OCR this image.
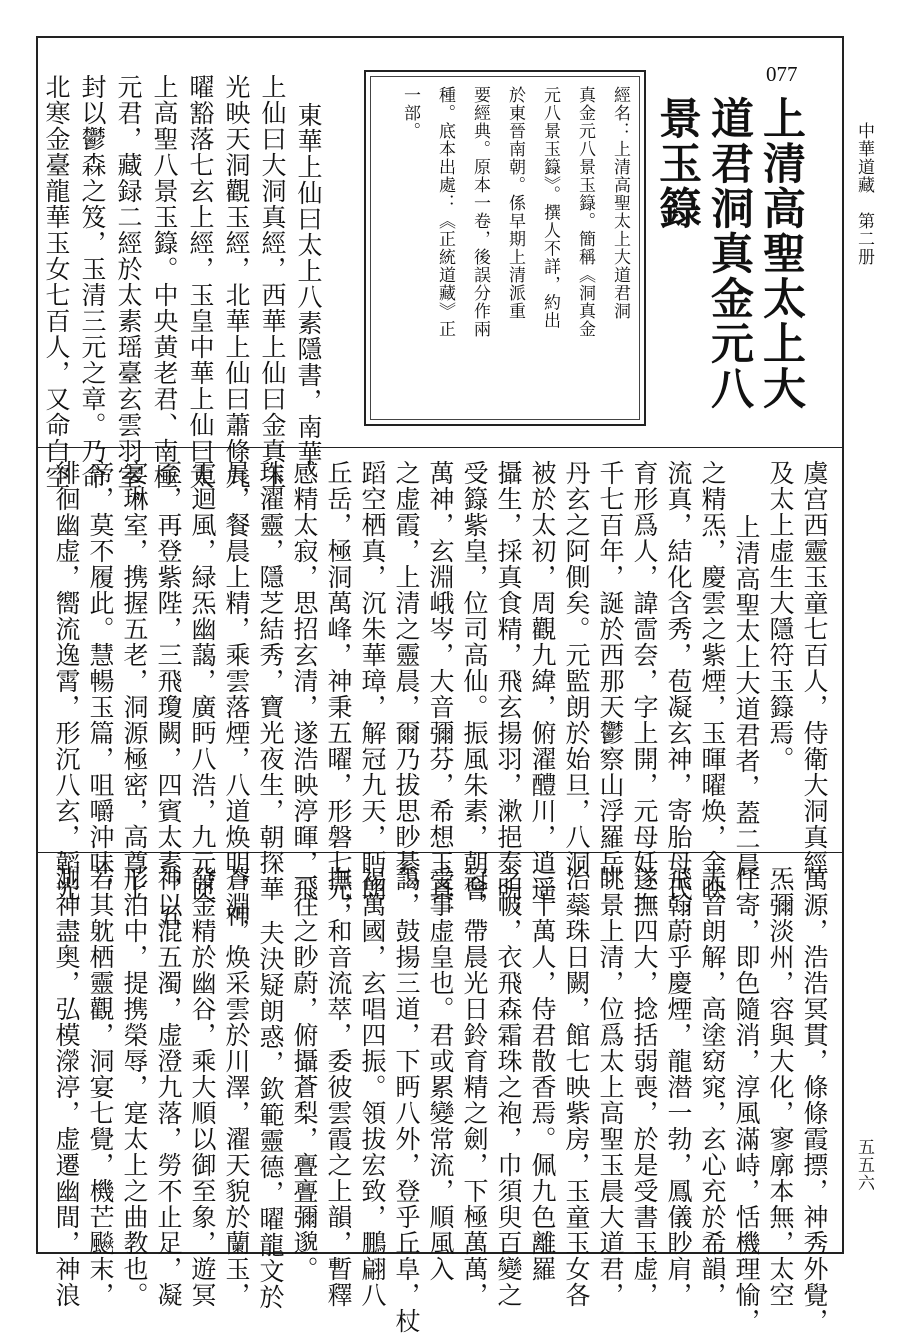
中華道藏　第二册
五五六
077
上清高聖太上大
道君洞真金元八
景玉籙
經名：上清高聖太上大道君洞
真金元八景玉籙。簡稱《洞真金
元八景玉籙》。撰人不詳，約出
於東晉南朝。係早期上清派重
要經典。原本一卷，後誤分作兩
種。底本出處：《正統道藏》正
一部。
東華上仙曰太上八素隱書，南華
上仙曰大洞真經，西華上仙曰金真玉
光映天洞觀玉經，北華上仙曰蕭條九
曜豁落七玄上經，玉皇中華上仙曰太
上高聖八景玉籙。中央黄老君、南極
元君，藏録二經於太素瑶臺玄雲羽室，
封以鬱森之笈，玉清三元之章。乃命
北寒金臺龍華玉女七百人，又命白空
虞宫西靈玉童七百人，侍衛大洞真經
及太上虚生大隱符玉籙焉。
上清高聖太上大道君者，蓋二晨
之精炁，慶雲之紫煙，玉暉曜焕，金映
流真，結化含秀，苞凝玄神，寄胎母氏，
育形爲人，諱䨓夽，字上開，元母妊三
千七百年，誕於西那天鬱察山浮羅岳
丹玄之阿側矣。元監朗於始旦，八洞
被於太初，周觀九緯，俯濯醴川，逍遥
攝生，採真食精，飛玄揚羽，漱挹泰明，
受籙紫皇，位司高仙。振風朱素，朝會
萬神，玄淵峨岑，大音彌芬，希想玉真
之虚霞，上清之靈晨，爾乃拔思眇綦，
蹈空栖真，沉朱華璋，解冠九天，眄朗
丘岳，極洞萬峰，神秉五曜，形磐七元，
感精太寂，思招玄清，遂浩映渟暉，飛
珠濯靈，隱芝結秀，寶光夜生，朝探華
晨，餐晨上精，乘雲落煙，八道焕明，神
電迴風，緑炁幽藹，廣眄八浩，九元匝
至，再登紫陛，三飛瓊闕，四賓太素，五
宴琳室，携握五老，洞源極密，高尊上
帝，莫不履此。慧暢玉篇，咀嚼沖味，
徘徊幽虚，嚮流逸霄，形沉八玄，韜光
萬源，浩浩冥貫，條條霞摽，神秀外覺，
炁彌淡州，容與大化，寥廓本無，太空
任寄，即色隨消，淳風滿峙，恬機理愉，
天音朗解，高塗窈窕，玄心充於希韻，
飛翰蔚乎慶煙，龍潜一勃，鳳儀眇肩，
遂撫四大，捻括弱喪，於是受書玉虚，
眺景上清，位爲太上高聖玉晨大道君，
治蘂珠日闕，館七映紫房，玉童玉女各
三十萬人，侍君散香焉。佩九色離羅
之帔，衣飛森霜珠之袍，巾須臾百變之
冠，帶晨光日鈴育精之劍，下極萬萬，
受事虚皇也。君或累變常流，順風入
藹，鼓揚三道，下眄八外，登乎丘阜，杖
裼萬國，玄唱四振。領拔宏致，鵬翩八
撫，和音流萃，委彼雲霞之上韻，暫釋
一往之眇蔚，俯攝蒼梨，亹亹彌邈。
夫決疑朗惑，欽範靈德，曜龍文於
蒼淵，焕采雲於川澤，濯天貌於蘭玉，
發金精於幽谷，乘大順以御至象，遊冥
神以混五濁，虚澄九落，勞不止足，凝
形泊中，提携榮辱，寔太上之曲教也。
若其躭栖靈觀，洞宴七覺，機芒飈末，
測神盡奥，弘模濴渟，虚遷幽間，神浪
